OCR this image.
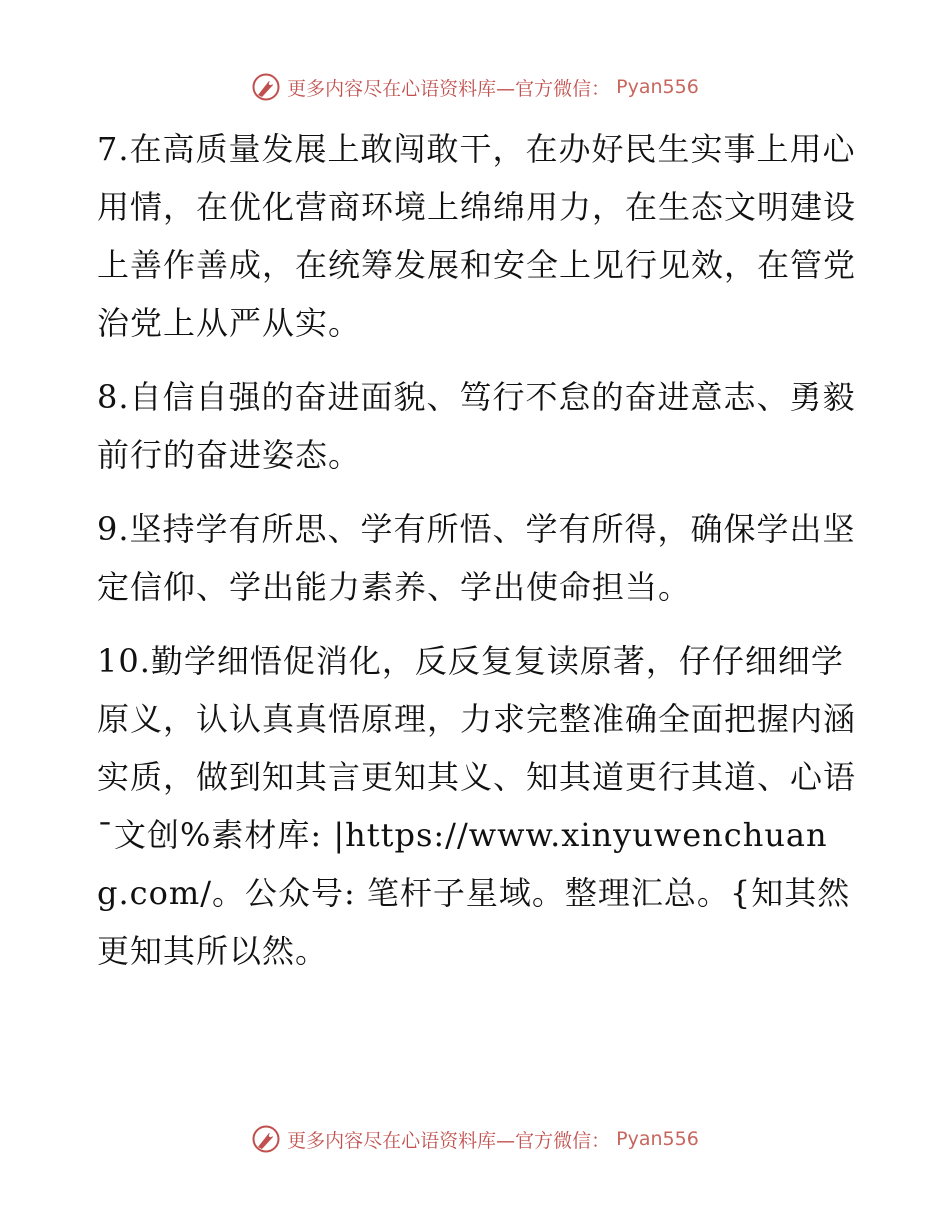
更多内容尽在心语资料库—官方微信： Pyan556

7.在高质量发展上敢闯敢干，在办好民生实事上用心用情，在优化营商环境上绵绵用力，在生态文明建设上善作善成，在统筹发展和安全上见行见效，在管党治党上从严从实。

8.自信自强的奋进面貌、笃行不怠的奋进意志、勇毅前行的奋进姿态。

9.坚持学有所思、学有所悟、学有所得，确保学出坚定信仰、学出能力素养、学出使命担当。

10.勤学细悟促消化，反反复复读原著，仔仔细细学原义，认认真真悟原理，力求完整准确全面把握内涵实质，做到知其言更知其义、知其道更行其道、心语¯文创%素材库: |https://www.xinyuwenchuang.com/。公众号: 笔杆子星域。整理汇总。{知其然更知其所以然。

更多内容尽在心语资料库—官方微信： Pyan556
